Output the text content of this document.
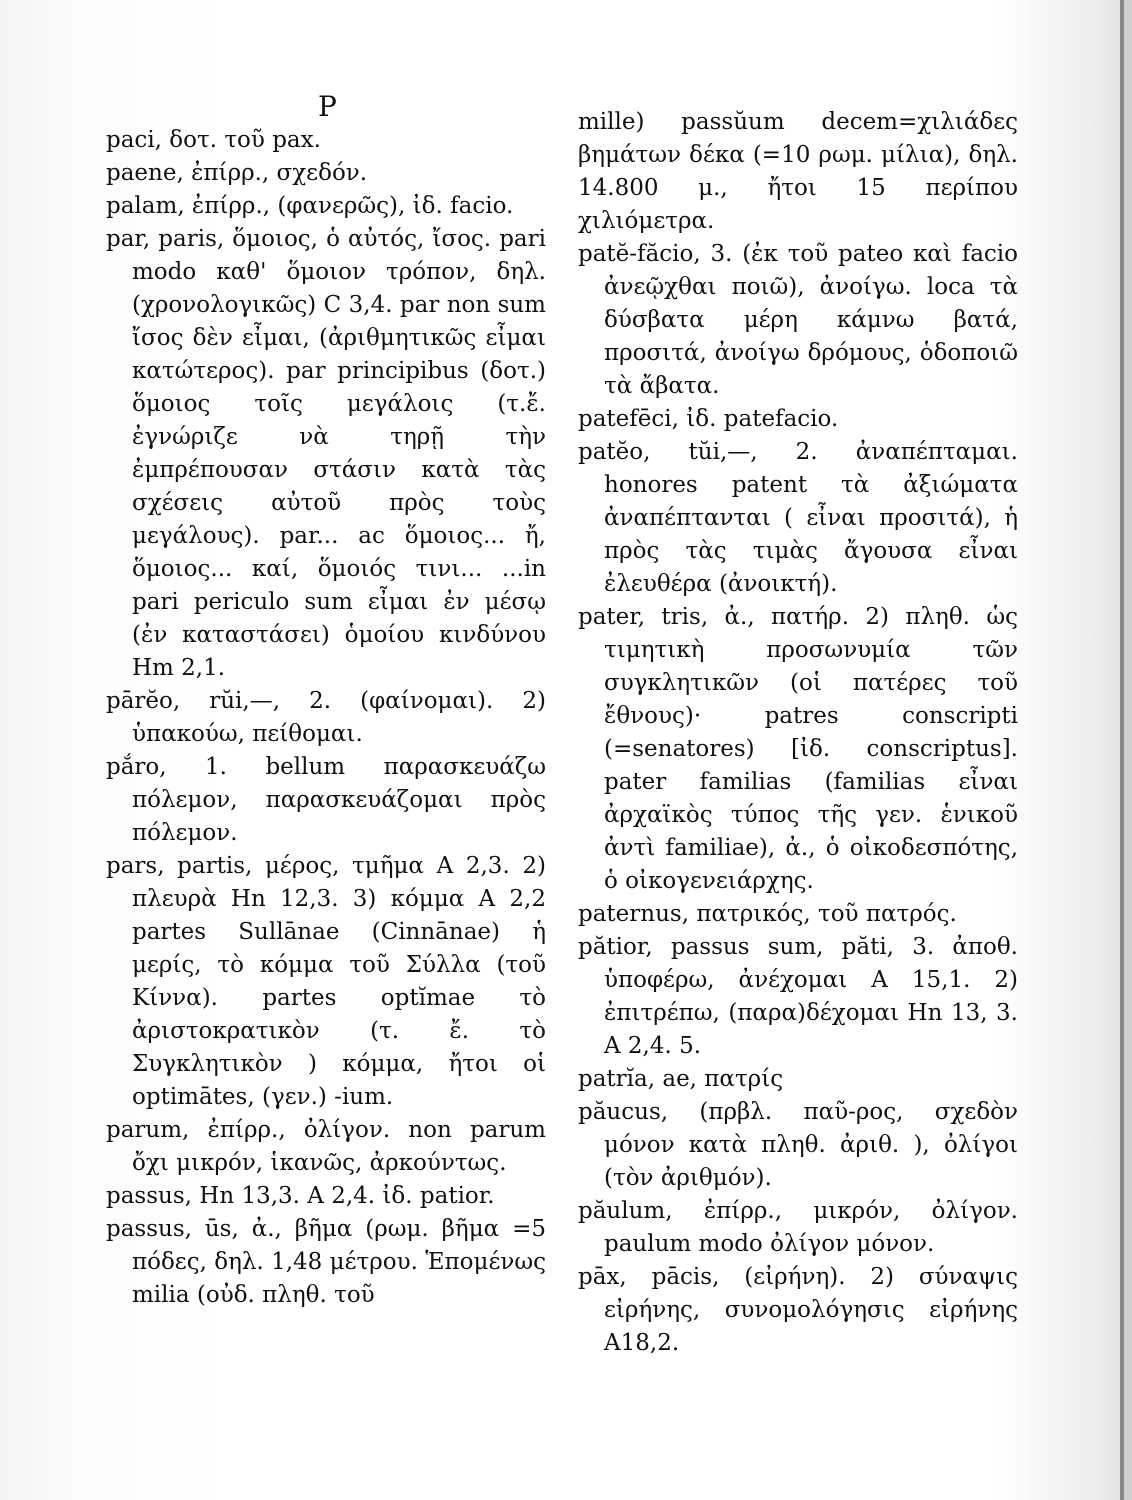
P

paci, δοτ. τοῦ pax.

paene, ἐπίρρ., σχεδόν.

palam, ἐπίρρ., (φανερῶς), ἰδ. facio.

par, paris, ὅμοιος, ὁ αὐτός, ἴσος. pari modo καθ' ὅμοιον τρόπον, δηλ. (χρονολογικῶς) C 3,4. par non sum ἴσος δὲν εἶμαι, (ἀριθμητικῶς εἶμαι κατώτερος). par principibus (δοτ.) ὅμοιος τοῖς μεγάλοις (τ.ἔ. ἐγνώριζε νὰ τηρῇ τὴν ἐμπρέπουσαν στάσιν κατὰ τὰς σχέσεις αὐτοῦ πρὸς τοὺς μεγάλους). par... ac ὅμοιος... ἤ, ὅμοιος... καί, ὅμοιός τινι... ...in pari periculo sum εἶμαι ἐν μέσῳ (ἐν καταστάσει) ὁμοίου κινδύνου Hm 2,1.

pārĕo, rŭi,—, 2. (φαίνομαι). 2) ὑπακούω, πείθομαι.

pắro, 1. bellum παρασκευάζω πόλεμον, παρασκευάζομαι πρὸς πόλεμον.

pars, partis, μέρος, τμῆμα A 2,3. 2) πλευρὰ Hn 12,3. 3) κόμμα A 2,2 partes Sullānae (Cinnānae) ἡ μερίς, τὸ κόμμα τοῦ Σύλλα (τοῦ Κίννα). partes optĭmae τὸ ἀριστοκρατικὸν (τ. ἔ. τὸ Συγκλητικὸν ) κόμμα, ἤτοι οἱ optimātes, (γεν.) -ium.

parum, ἐπίρρ., ὀλίγον. non parum ὄχι μικρόν, ἱκανῶς, ἀρκούντως.

passus, Hn 13,3. A 2,4. ἰδ. patior.

passus, ūs, ἀ., βῆμα (ρωμ. βῆμα =5 πόδες, δηλ. 1,48 μέτρου. Ἑπομένως milia (οὐδ. πληθ. τοῦ

mille) passŭum decem=χιλιάδες βημάτων δέκα (=10 ρωμ. μίλια), δηλ. 14.800 μ., ἤτοι 15 περίπου χιλιόμετρα.

patĕ-făcio, 3. (ἐκ τοῦ pateo καὶ facio ἀνεῷχθαι ποιῶ), ἀνοίγω. loca τὰ δύσβατα μέρη κάμνω βατά, προσιτά, ἀνοίγω δρόμους, ὁδοποιῶ τὰ ἄβατα.

patefēci, ἰδ. patefacio.

patĕo, tŭi,—, 2. ἀναπέπταμαι. honores patent τὰ ἀξιώματα ἀναπέπτανται ( εἶναι προσιτά), ἡ πρὸς τὰς τιμὰς ἄγουσα εἶναι ἐλευθέρα (ἀνοικτή).

pater, tris, ἀ., πατήρ. 2) πληθ. ὡς τιμητικὴ προσωνυμία τῶν συγκλητικῶν (οἱ πατέρες τοῦ ἔθνους)· patres conscripti (=senatores) [ἰδ. conscriptus]. pater familias (familias εἶναι ἀρχαϊκὸς τύπος τῆς γεν. ἑνικοῦ ἀντὶ familiae), ἀ., ὁ οἰκοδεσπότης, ὁ οἰκογενειάρχης.

paternus, πατρικός, τοῦ πατρός.

pătior, passus sum, păti, 3. ἀποθ. ὑποφέρω, ἀνέχομαι A 15,1. 2) ἐπιτρέπω, (παρα)δέχομαι Hn 13, 3. A 2,4. 5.

patrĭa, ae, πατρίς

păucus, (πρβλ. παῦ-ρος, σχεδὸν μόνον κατὰ πληθ. ἀριθ. ), ὀλίγοι (τὸν ἀριθμόν).

păulum, ἐπίρρ., μικρόν, ὀλίγον. paulum modo ὀλίγον μόνον.

pāx, pācis, (εἰρήνη). 2) σύναψις εἰρήνης, συνομολόγησις εἰρήνης A18,2.
